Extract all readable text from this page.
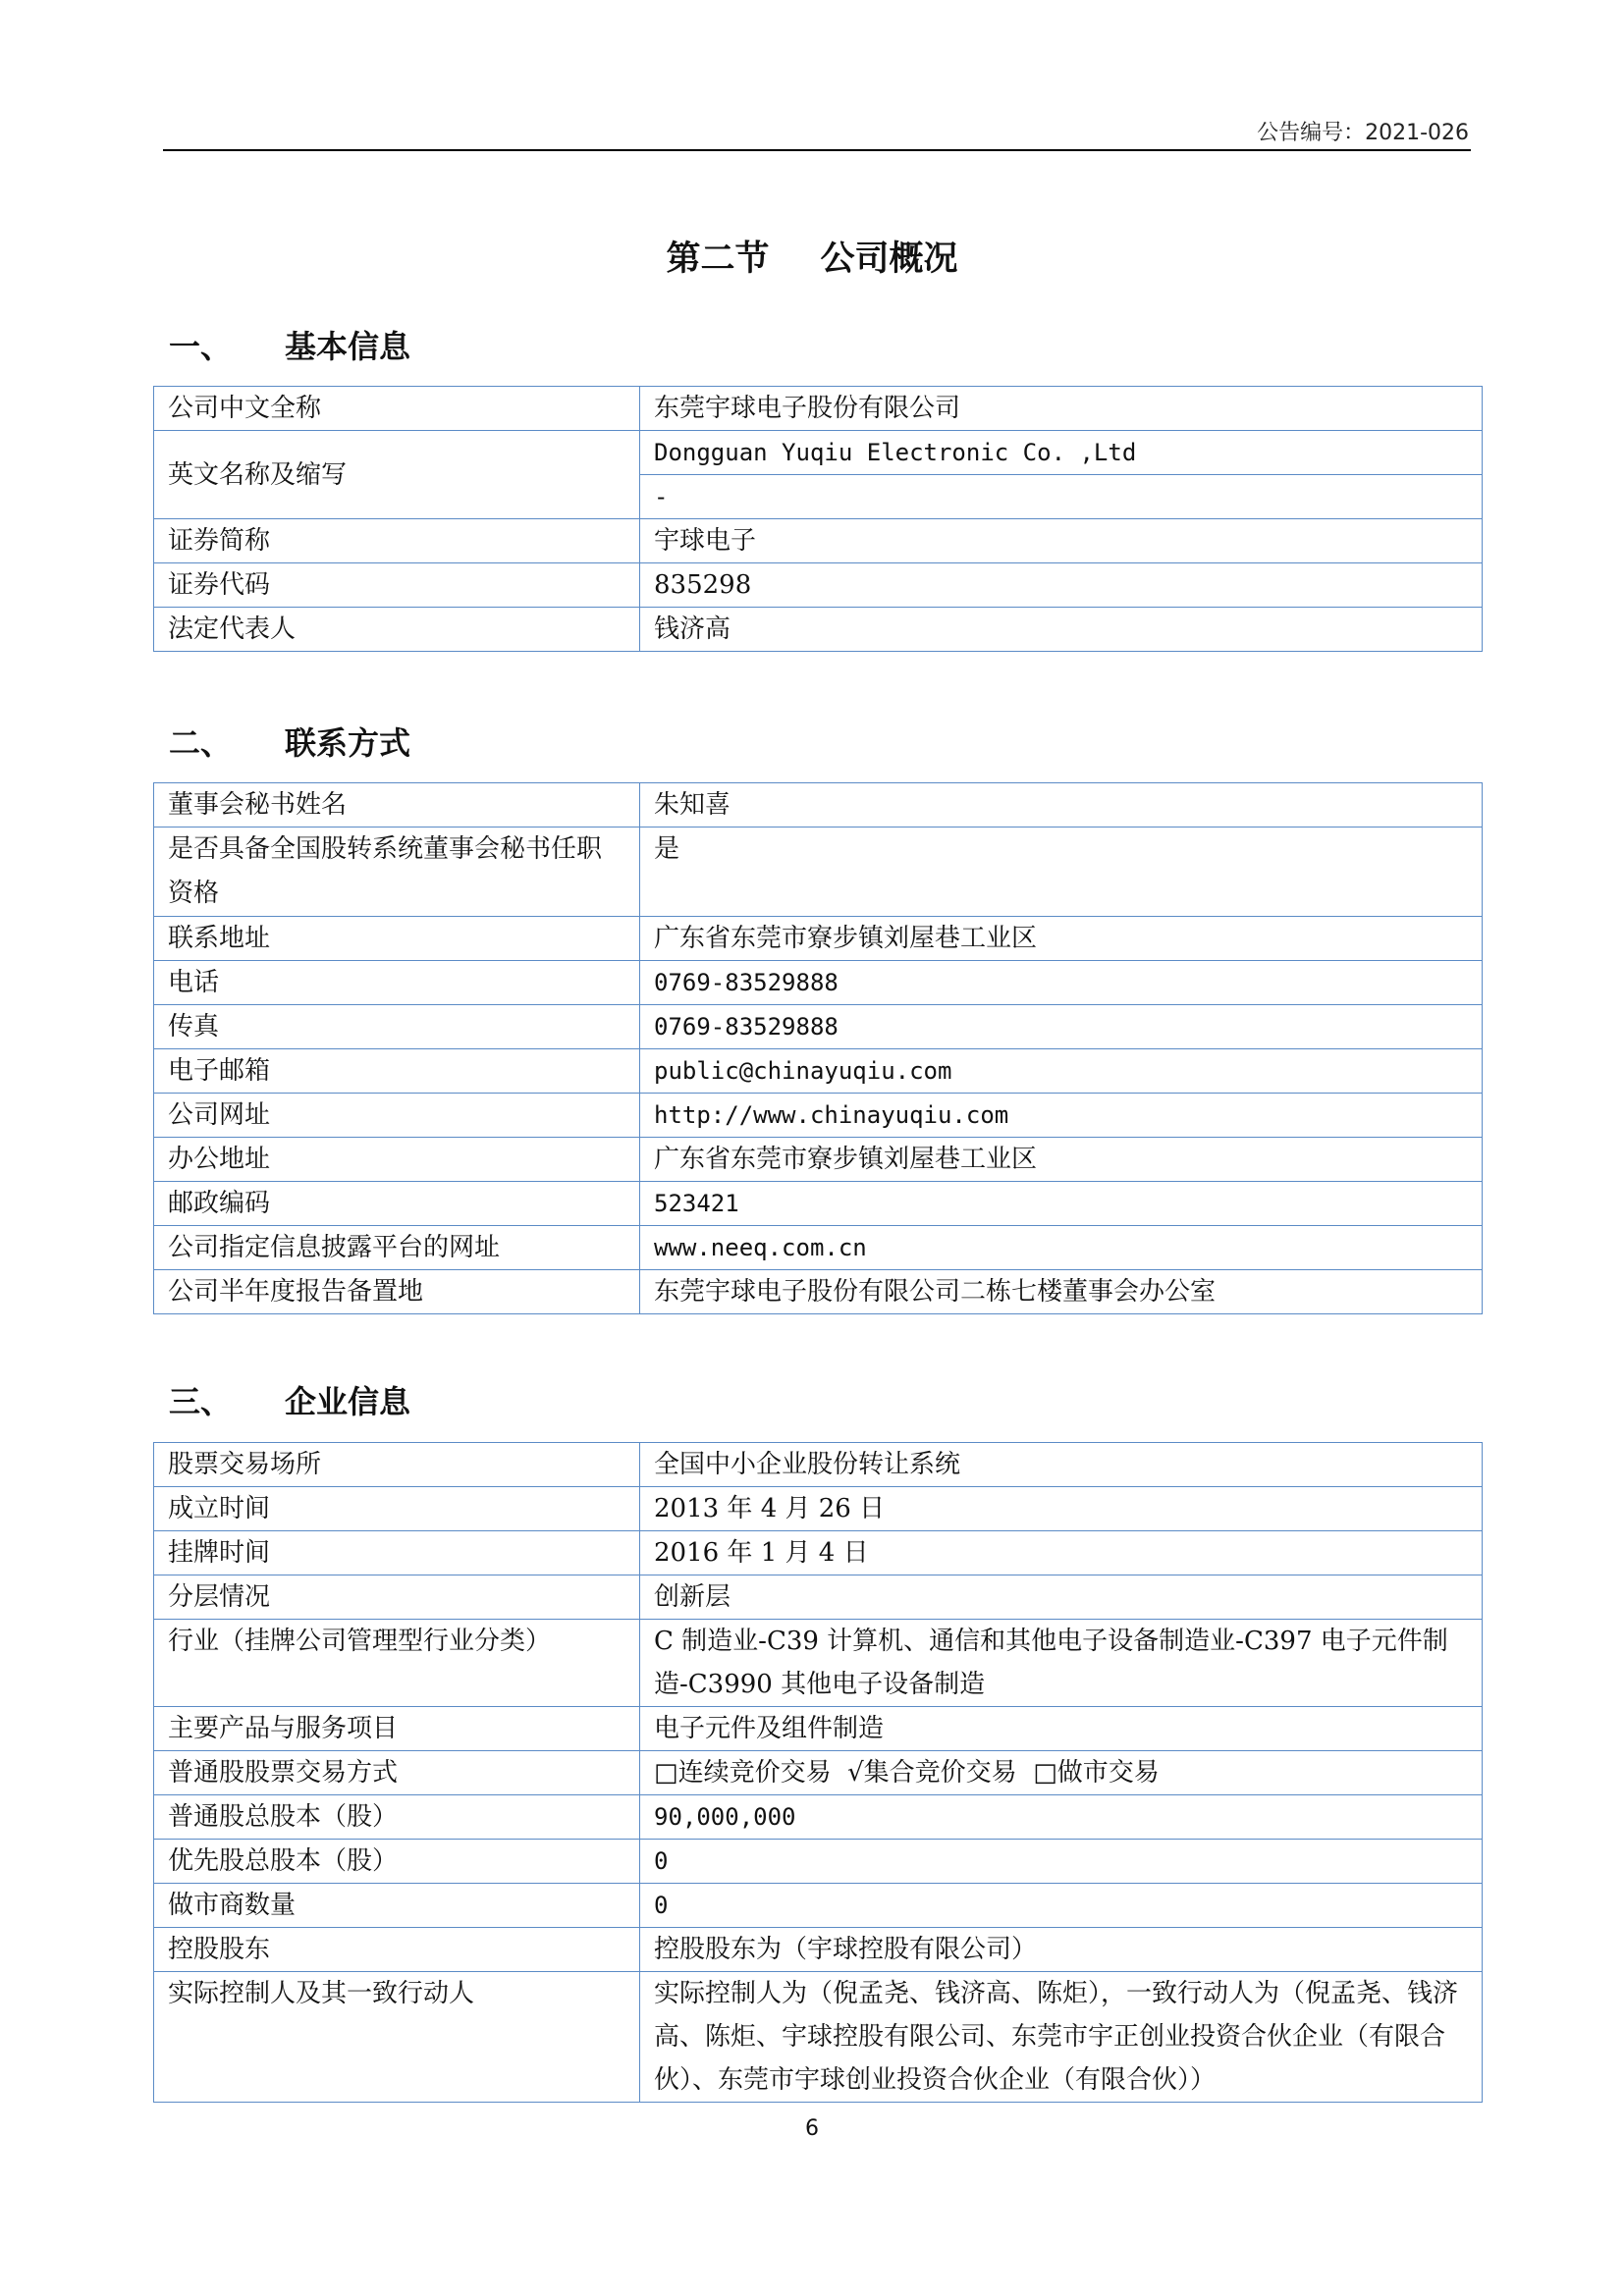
公告编号：2021-026
第二节 公司概况
一、 基本信息
公司中文全称	东莞宇球电子股份有限公司
英文名称及缩写	Dongguan Yuqiu Electronic Co. ,Ltd
	-
证券简称	宇球电子
证券代码	835298
法定代表人	钱济高
二、 联系方式
董事会秘书姓名	朱知喜
是否具备全国股转系统董事会秘书任职资格	是
联系地址	广东省东莞市寮步镇刘屋巷工业区
电话	0769-83529888
传真	0769-83529888
电子邮箱	public@chinayuqiu.com
公司网址	http://www.chinayuqiu.com
办公地址	广东省东莞市寮步镇刘屋巷工业区
邮政编码	523421
公司指定信息披露平台的网址	www.neeq.com.cn
公司半年度报告备置地	东莞宇球电子股份有限公司二栋七楼董事会办公室
三、 企业信息
股票交易场所	全国中小企业股份转让系统
成立时间	2013 年 4 月 26 日
挂牌时间	2016 年 1 月 4 日
分层情况	创新层
行业（挂牌公司管理型行业分类）	C 制造业-C39 计算机、通信和其他电子设备制造业-C397 电子元件制造-C3990 其他电子设备制造
主要产品与服务项目	电子元件及组件制造
普通股股票交易方式	□连续竞价交易  √集合竞价交易  □做市交易
普通股总股本（股）	90,000,000
优先股总股本（股）	0
做市商数量	0
控股股东	控股股东为（宇球控股有限公司）
实际控制人及其一致行动人	实际控制人为（倪孟尧、钱济高、陈炬），一致行动人为（倪孟尧、钱济高、陈炬、宇球控股有限公司、东莞市宇正创业投资合伙企业（有限合伙）、东莞市宇球创业投资合伙企业（有限合伙））
6
